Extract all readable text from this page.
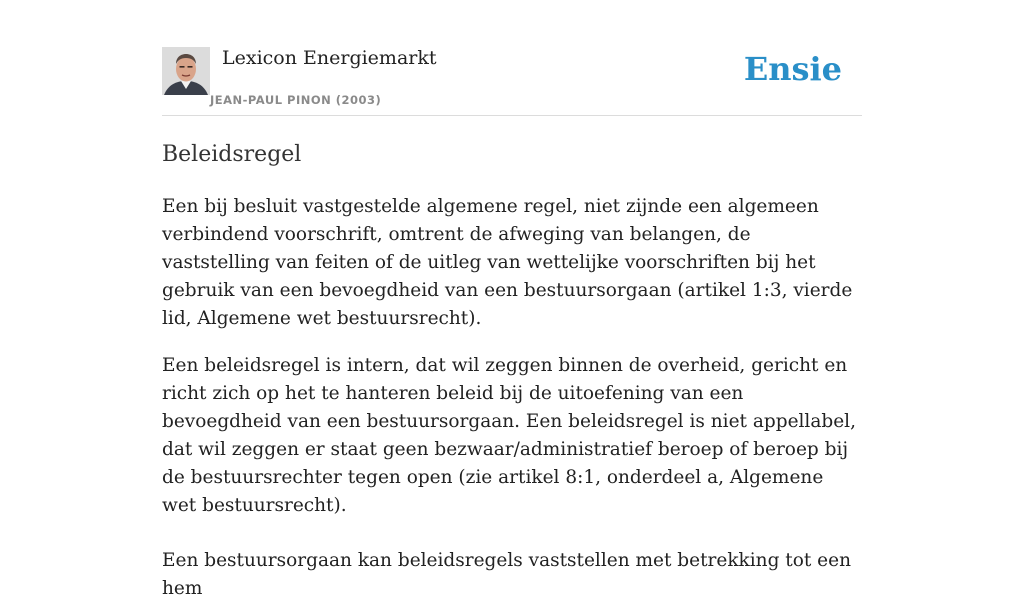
Lexicon Energiemarkt
JEAN-PAUL PINON (2003)
Ensie
Beleidsregel

Een bij besluit vastgestelde algemene regel, niet zijnde een algemeen verbindend voorschrift, omtrent de afweging van belangen, de vaststelling van feiten of de uitleg van wettelijke voorschriften bij het gebruik van een bevoegdheid van een bestuursorgaan (artikel 1:3, vierde lid, Algemene wet bestuursrecht).

Een beleidsregel is intern, dat wil zeggen binnen de overheid, gericht en richt zich op het te hanteren beleid bij de uitoefening van een bevoegdheid van een bestuursorgaan. Een beleidsregel is niet appellabel, dat wil zeggen er staat geen bezwaar/administratief beroep of beroep bij de bestuursrechter tegen open (zie artikel 8:1, onderdeel a, Algemene wet bestuursrecht).

Een bestuursorgaan kan beleidsregels vaststellen met betrekking tot een hem
